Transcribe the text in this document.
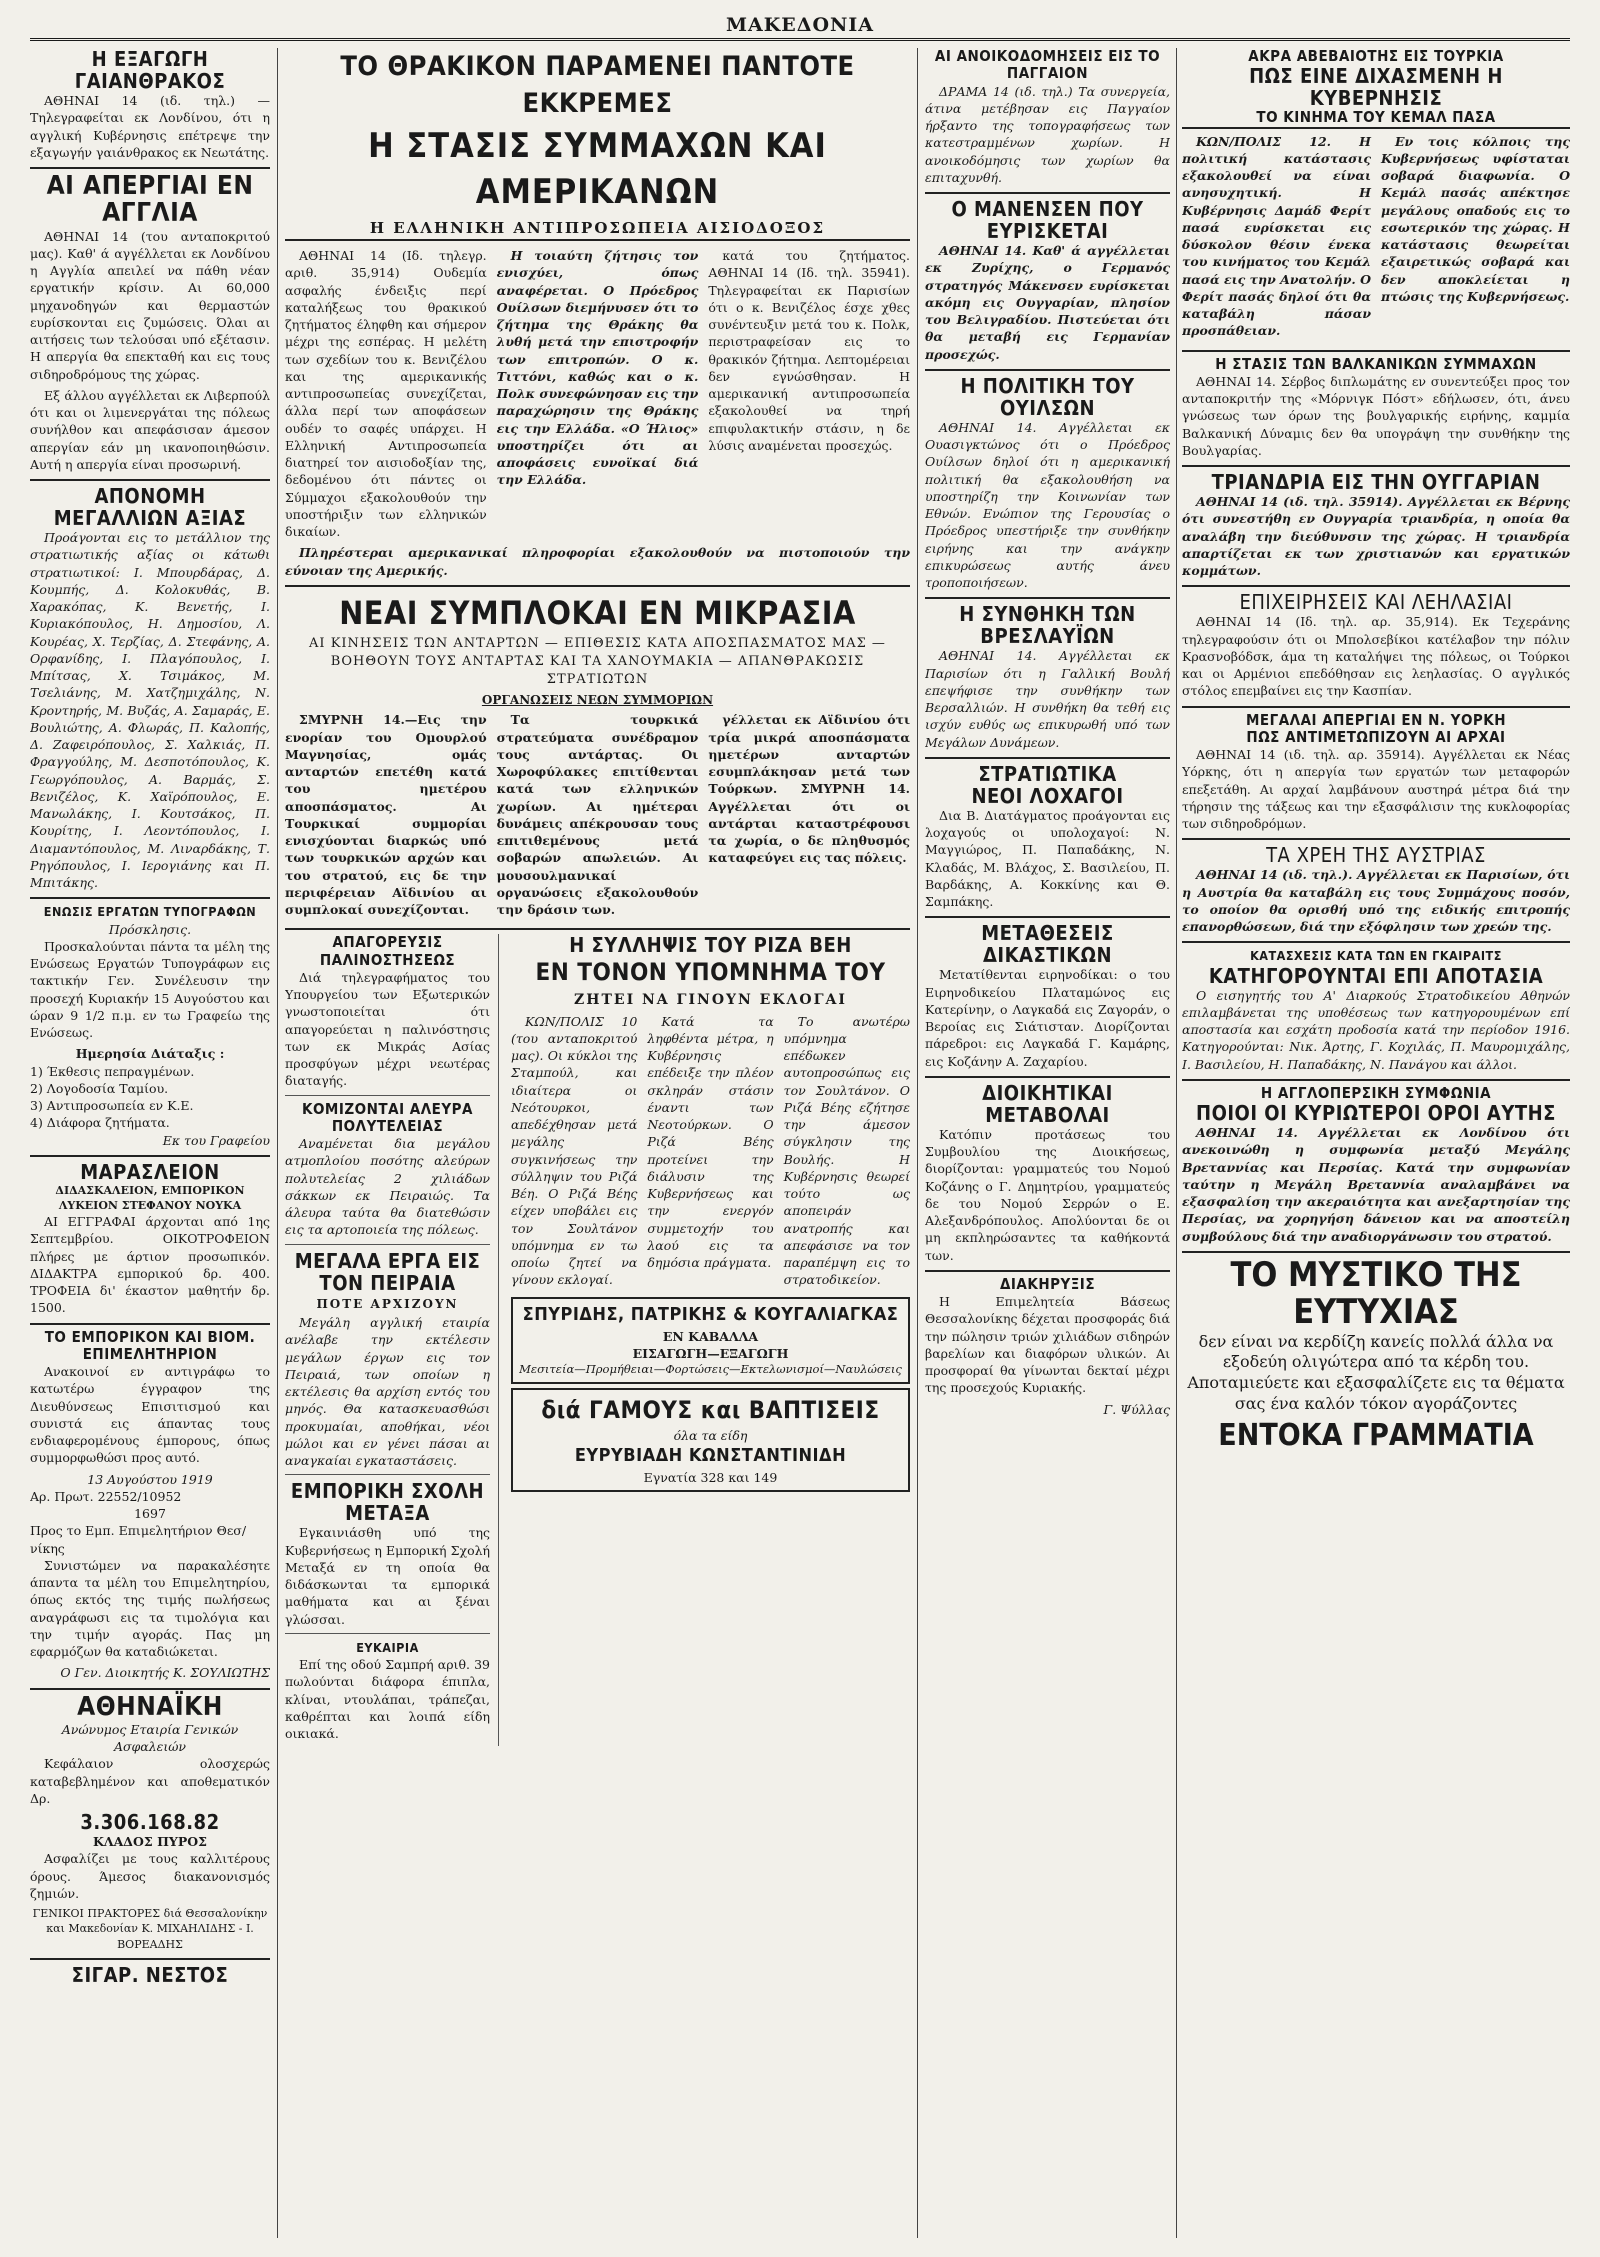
ΜΑΚΕΔΟΝΙΑ
Η ΕΞΑΓΩΓΗ ΓΑΙΑΝΘΡΑΚΟΣ

ΑΘΗΝΑΙ 14 (ιδ. τηλ.) —Τηλεγραφείται εκ Λονδίνου, ότι η αγγλική Κυβέρνησις επέτρεψε την εξαγωγήν γαιάνθρακος εκ Νεωτάτης.

ΑΙ ΑΠΕΡΓΙΑΙ ΕΝ ΑΓΓΛΙΑ

ΑΘΗΝΑΙ 14 (του ανταποκριτού μας). Καθ' ά αγγέλλεται εκ Λονδίνου η Αγγλία απειλεί να πάθη νέαν εργατικήν κρίσιν. Αι 60,000 μηχανοδηγών και θερμαστών ευρίσκονται εις ζυμώσεις. Όλαι αι αιτήσεις των τελούσαι υπό εξέτασιν. Η απεργία θα επεκταθή και εις τους σιδηροδρόμους της χώρας.

Εξ άλλου αγγέλλεται εκ Λιβερπούλ ότι και οι λιμενεργάται της πόλεως συνήλθον και απεφάσισαν άμεσον απεργίαν εάν μη ικανοποιηθώσιν. Αυτή η απεργία είναι προσωρινή.

ΑΠΟΝΟΜΗ ΜΕΓΑΛΛΙΩΝ ΑΞΙΑΣ

Προάγονται εις το μετάλλιον της στρατιωτικής αξίας οι κάτωθι στρατιωτικοί: Ι. Μπουρδάρας, Δ. Κουμπής, Δ. Κολοκυθάς, Β. Χαρακόπας, Κ. Βενετής, Ι. Κυριακόπουλος, Η. Δημοσίου, Λ. Κουρέας, Χ. Τερζίας, Δ. Στεφάνης, Α. Ορφανίδης, Ι. Πλαγόπουλος, Ι. Μπίτσας, Χ. Τσιμάκος, Μ. Τσελιάνης, Μ. Χατζημιχάλης, Ν. Κροντηρής, Μ. Βυζάς, Α. Σαμαράς, Ε. Βουλιώτης, Α. Φλωράς, Π. Καλοπής, Δ. Ζαφειρόπουλος, Σ. Χαλκιάς, Π. Φραγγούλης, Μ. Δεσποτόπουλος, Κ. Γεωργόπουλος, Α. Βαρμάς, Σ. Βενιζέλος, Κ. Χαϊρόπουλος, Ε. Μανωλάκης, Ι. Κουτσάκος, Π. Κουρίτης, Ι. Λεοντόπουλος, Ι. Διαμαντόπουλος, Μ. Λιναρδάκης, Τ. Ρηγόπουλος, Ι. Ιερογιάνης και Π. Μπιτάκης.

ΕΝΩΣΙΣ ΕΡΓΑΤΩΝ ΤΥΠΟΓΡΑΦΩΝ
Πρόσκλησις.

Προσκαλούνται πάντα τα μέλη της Ενώσεως Εργατών Τυπογράφων εις τακτικήν Γεν. Συνέλευσιν την προσεχή Κυριακήν 15 Αυγούστου και ώραν 9 1/2 π.μ. εν τω Γραφείω της Ενώσεως.

Ημερησία Διάταξις :
1) Έκθεσις πεπραγμένων.
2) Λογοδοσία Ταμίου.
3) Αντιπροσωπεία εν Κ.Ε.
4) Διάφορα ζητήματα.
Εκ του Γραφείου
ΜΑΡΑΣΛΕΙΟΝ
ΔΙΔΑΣΚΑΛΕΙΟΝ, ΕΜΠΟΡΙΚΟΝ ΛΥΚΕΙΟΝ ΣΤΕΦΑΝΟΥ ΝΟΥΚΑ

ΑΙ ΕΓΓΡΑΦΑΙ άρχονται από 1ης Σεπτεμβρίου. ΟΙΚΟΤΡΟΦΕΙΟΝ πλήρες με άρτιον προσωπικόν. ΔΙΔΑΚΤΡΑ εμπορικού δρ. 400. ΤΡΟΦΕΙΑ δι' έκαστον μαθητήν δρ. 1500.

ΤΟ ΕΜΠΟΡΙΚΟΝ ΚΑΙ ΒΙΟΜ. ΕΠΙΜΕΛΗΤΗΡΙΟΝ

Ανακοινοί εν αντιγράφω το κατωτέρω έγγραφον της Διευθύνσεως Επισιτισμού και συνιστά εις άπαντας τους ενδιαφερομένους έμπορους, όπως συμμορφωθώσι προς αυτό.

13 Αυγούστου 1919
Αρ. Πρωτ. 22552/10952
1697
Προς το Εμπ. Επιμελητήριον Θεσ/νίκης

Συνιστώμεν να παρακαλέσητε άπαντα τα μέλη του Επιμελητηρίου, όπως εκτός της τιμής πωλήσεως αναγράφωσι εις τα τιμολόγια και την τιμήν αγοράς. Πας μη εφαρμόζων θα καταδιώκεται.

Ο Γεν. Διοικητής Κ. ΣΟΥΛΙΩΤΗΣ
ΑΘΗΝΑΪΚΗ
Ανώνυμος Εταιρία Γενικών Ασφαλειών

Κεφάλαιον ολοσχερώς καταβεβλημένον και αποθεματικόν Δρ.

3.306.168.82
ΚΛΑΔΟΣ ΠΥΡΟΣ

Ασφαλίζει με τους καλλιτέρους όρους. Άμεσος διακανονισμός ζημιών.

ΓΕΝΙΚΟΙ ΠΡΑΚΤΟΡΕΣ διά Θεσσαλονίκην και Μακεδονίαν Κ. ΜΙΧΑΗΛΙΔΗΣ - Ι. ΒΟΡΕΑΔΗΣ
ΣΙΓΑΡ. ΝΕΣΤΟΣ
ΤΟ ΘΡΑΚΙΚΟΝ ΠΑΡΑΜΕΝΕΙ ΠΑΝΤΟΤΕ ΕΚΚΡΕΜΕΣ
Η ΣΤΑΣΙΣ ΣΥΜΜΑΧΩΝ ΚΑΙ ΑΜΕΡΙΚΑΝΩΝ
Η ΕΛΛΗΝΙΚΗ ΑΝΤΙΠΡΟΣΩΠΕΙΑ ΑΙΣΙΟΔΟΞΟΣ

ΑΘΗΝΑΙ 14 (Ιδ. τηλεγρ. αριθ. 35,914) Ουδεμία ασφαλής ένδειξις περί καταλήξεως του θρακικού ζητήματος έληφθη και σήμερον μέχρι της εσπέρας. Η μελέτη των σχεδίων του κ. Βενιζέλου και της αμερικανικής αντιπροσωπείας συνεχίζεται, άλλα περί των αποφάσεων ουδέν το σαφές υπάρχει. Η Ελληνική Αντιπροσωπεία διατηρεί τον αισιοδοξίαν της, δεδομένου ότι πάντες οι Σύμμαχοι εξακολουθούν την υποστήριξιν των ελληνικών δικαίων.

Η τοιαύτη ζήτησις τον ενισχύει, όπως αναφέρεται. Ο Πρόεδρος Ουίλσων διεμήνυσεν ότι το ζήτημα της Θράκης θα λυθή μετά την επιστροφήν των επιτροπών. Ο κ. Τιττόνι, καθώς και ο κ. Πολκ συνεφώνησαν εις την παραχώρησιν της Θράκης εις την Ελλάδα. «Ο Ήλιος» υποστηρίζει ότι αι αποφάσεις ευνοϊκαί διά την Ελλάδα.

κατά του ζητήματος. ΑΘΗΝΑΙ 14 (Ιδ. τηλ. 35941). Τηλεγραφείται εκ Παρισίων ότι ο κ. Βενιζέλος έσχε χθες συνέντευξιν μετά του κ. Πολκ, περιστραφείσαν εις το θρακικόν ζήτημα. Λεπτομέρειαι δεν εγνώσθησαν. Η αμερικανική αντιπροσωπεία εξακολουθεί να τηρή επιφυλακτικήν στάσιν, η δε λύσις αναμένεται προσεχώς.

Πληρέστεραι αμερικανικαί πληροφορίαι εξακολουθούν να πιστοποιούν την εύνοιαν της Αμερικής.

ΝΕΑΙ ΣΥΜΠΛΟΚΑΙ ΕΝ ΜΙΚΡΑΣΙΑ
ΑΙ ΚΙΝΗΣΕΙΣ ΤΩΝ ΑΝΤΑΡΤΩΝ — ΕΠΙΘΕΣΙΣ ΚΑΤΑ ΑΠΟΣΠΑΣΜΑΤΟΣ ΜΑΣ — ΒΟΗΘΟΥΝ ΤΟΥΣ ΑΝΤΑΡΤΑΣ ΚΑΙ ΤΑ ΧΑΝΟΥΜΑΚΙΑ — ΑΠΑΝΘΡΑΚΩΣΙΣ ΣΤΡΑΤΙΩΤΩΝ
ΟΡΓΑΝΩΣΕΙΣ ΝΕΩΝ ΣΥΜΜΟΡΙΩΝ

ΣΜΥΡΝΗ 14.—Εις την ενορίαν του Ομουρλού Μαγνησίας, ομάς ανταρτών επετέθη κατά του ημετέρου αποσπάσματος. Αι Τουρκικαί συμμορίαι ενισχύονται διαρκώς υπό των τουρκικών αρχών και του στρατού, εις δε την περιφέρειαν Αϊδινίου αι συμπλοκαί συνεχίζονται.

Τα τουρκικά στρατεύματα συνέδραμον τους αντάρτας. Οι Χωροφύλακες επιτίθενται κατά των ελληνικών χωρίων. Αι ημέτεραι δυνάμεις απέκρουσαν τους επιτιθεμένους μετά σοβαρών απωλειών. Αι μουσουλμανικαί οργανώσεις εξακολουθούν την δράσιν των.

γέλλεται εκ Αϊδινίου ότι τρία μικρά αποσπάσματα ημετέρων ανταρτών εσυμπλάκησαν μετά των Τούρκων. ΣΜΥΡΝΗ 14. Αγγέλλεται ότι οι αντάρται καταστρέφουσι τα χωρία, ο δε πληθυσμός καταφεύγει εις τας πόλεις.

ΑΠΑΓΟΡΕΥΣΙΣ ΠΑΛΙΝΟΣΤΗΣΕΩΣ

Διά τηλεγραφήματος του Υπουργείου των Εξωτερικών γνωστοποιείται ότι απαγορεύεται η παλινόστησις των εκ Μικράς Ασίας προσφύγων μέχρι νεωτέρας διαταγής.

ΚΟΜΙΖΟΝΤΑΙ ΑΛΕΥΡΑ ΠΟΛΥΤΕΛΕΙΑΣ

Αναμένεται δια μεγάλου ατμοπλοίου ποσότης αλεύρων πολυτελείας 2 χιλιάδων σάκκων εκ Πειραιώς. Τα άλευρα ταύτα θα διατεθώσιν εις τα αρτοποιεία της πόλεως.

ΜΕΓΑΛΑ ΕΡΓΑ ΕΙΣ ΤΟΝ ΠΕΙΡΑΙΑ
ΠΟΤΕ ΑΡΧΙΖΟΥΝ

Μεγάλη αγγλική εταιρία ανέλαβε την εκτέλεσιν μεγάλων έργων εις τον Πειραιά, των οποίων η εκτέλεσις θα αρχίση εντός του μηνός. Θα κατασκευασθώσι προκυμαίαι, αποθήκαι, νέοι μώλοι και εν γένει πάσαι αι αναγκαίαι εγκαταστάσεις.

ΕΜΠΟΡΙΚΗ ΣΧΟΛΗ ΜΕΤΑΞΑ

Εγκαινιάσθη υπό της Κυβερνήσεως η Εμπορική Σχολή Μεταξά εν τη οποία θα διδάσκωνται τα εμπορικά μαθήματα και αι ξέναι γλώσσαι.

ΕΥΚΑΙΡΙΑ

Επί της οδού Σαμπρή αριθ. 39 πωλούνται διάφορα έπιπλα, κλίναι, ντουλάπαι, τράπεζαι, καθρέπται και λοιπά είδη οικιακά.

Η ΣΥΛΛΗΨΙΣ ΤΟΥ ΡΙΖΑ ΒΕΗ
ΕΝ ΤΟΝΟΝ ΥΠΟΜΝΗΜΑ ΤΟΥ
ΖΗΤΕΙ ΝΑ ΓΙΝΟΥΝ ΕΚΛΟΓΑΙ

ΚΩΝ/ΠΟΛΙΣ 10 (του ανταποκριτού μας). Οι κύκλοι της Σταμπούλ, και ιδιαίτερα οι Νεότουρκοι, απεδέχθησαν μετά μεγάλης συγκινήσεως την σύλληψιν του Ριζά Βέη. Ο Ριζά Βέης είχεν υποβάλει εις τον Σουλτάνον υπόμνημα εν τω οποίω ζητεί να γίνουν εκλογαί.

Κατά τα ληφθέντα μέτρα, η Κυβέρνησις επέδειξε την πλέον σκληράν στάσιν έναντι των Νεοτούρκων. Ο Ριζά Βέης προτείνει την διάλυσιν της Κυβερνήσεως και την ενεργόν συμμετοχήν του λαού εις τα δημόσια πράγματα.

Το ανωτέρω υπόμνημα επέδωκεν αυτοπροσώπως εις τον Σουλτάνον. Ο Ριζά Βέης εζήτησε την άμεσον σύγκλησιν της Βουλής. Η Κυβέρνησις θεωρεί τούτο ως αποπειράν ανατροπής και απεφάσισε να τον παραπέμψη εις το στρατοδικείον.

ΣΠΥΡΙΔΗΣ, ΠΑΤΡΙΚΗΣ & ΚΟΥΓΑΛΙΑΓΚΑΣ
ΕΝ ΚΑΒΑΛΛΑ
ΕΙΣΑΓΩΓΗ—ΕΞΑΓΩΓΗ
Μεσιτεία—Προμήθειαι—Φορτώσεις—Εκτελωνισμοί—Ναυλώσεις
διά ΓΑΜΟΥΣ και ΒΑΠΤΙΣΕΙΣ
όλα τα είδη
ΕΥΡΥΒΙΑΔΗ ΚΩΝΣΤΑΝΤΙΝΙΔΗ
Εγνατία 328 και 149
ΑΙ ΑΝΟΙΚΟΔΟΜΗΣΕΙΣ ΕΙΣ ΤΟ ΠΑΓΓΑΙΟΝ

ΔΡΑΜΑ 14 (ιδ. τηλ.) Τα συνεργεία, άτινα μετέβησαν εις Παγγαίον ήρξαντο της τοπογραφήσεως των κατεστραμμένων χωρίων. Η ανοικοδόμησις των χωρίων θα επιταχυνθή.

Ο ΜΑΝΕΝΣΕΝ ΠΟΥ ΕΥΡΙΣΚΕΤΑΙ

ΑΘΗΝΑΙ 14. Καθ' ά αγγέλλεται εκ Ζυρίχης, ο Γερμανός στρατηγός Μάκενσεν ευρίσκεται ακόμη εις Ουγγαρίαν, πλησίον του Βελιγραδίου. Πιστεύεται ότι θα μεταβή εις Γερμανίαν προσεχώς.

Η ΠΟΛΙΤΙΚΗ ΤΟΥ ΟΥΙΛΣΩΝ

ΑΘΗΝΑΙ 14. Αγγέλλεται εκ Ουασιγκτώνος ότι ο Πρόεδρος Ουίλσων δηλοί ότι η αμερικανική πολιτική θα εξακολουθήση να υποστηρίζη την Κοινωνίαν των Εθνών. Ενώπιον της Γερουσίας ο Πρόεδρος υπεστήριξε την συνθήκην ειρήνης και την ανάγκην επικυρώσεως αυτής άνευ τροποποιήσεων.

Η ΣΥΝΘΗΚΗ ΤΩΝ ΒΡΕΣΛΑΥΪΩΝ

ΑΘΗΝΑΙ 14. Αγγέλλεται εκ Παρισίων ότι η Γαλλική Βουλή επεψήφισε την συνθήκην των Βερσαλλιών. Η συνθήκη θα τεθή εις ισχύν ευθύς ως επικυρωθή υπό των Μεγάλων Δυνάμεων.

ΣΤΡΑΤΙΩΤΙΚΑ
ΝΕΟΙ ΛΟΧΑΓΟΙ

Δια Β. Διατάγματος προάγονται εις λοχαγούς οι υπολοχαγοί: Ν. Μαγγιώρος, Π. Παπαδάκης, Ν. Κλαδάς, Μ. Βλάχος, Σ. Βασιλείου, Π. Βαρδάκης, Α. Κοκκίνης και Θ. Σαμπάκης.

ΜΕΤΑΘΕΣΕΙΣ ΔΙΚΑΣΤΙΚΩΝ

Μετατίθενται ειρηνοδίκαι: ο του Ειρηνοδικείου Πλαταμώνος εις Κατερίνην, ο Λαγκαδά εις Ζαγοράν, ο Βεροίας εις Σιάτισταν. Διορίζονται πάρεδροι: εις Λαγκαδά Γ. Καμάρης, εις Κοζάνην Α. Ζαχαρίου.

ΔΙΟΙΚΗΤΙΚΑΙ ΜΕΤΑΒΟΛΑΙ

Κατόπιν προτάσεως του Συμβουλίου της Διοικήσεως, διορίζονται: γραμματεύς του Νομού Κοζάνης ο Γ. Δημητρίου, γραμματεύς δε του Νομού Σερρών ο Ε. Αλεξανδρόπουλος. Απολύονται δε οι μη εκπληρώσαντες τα καθήκοντά των.

ΔΙΑΚΗΡΥΞΙΣ

Η Επιμελητεία Βάσεως Θεσσαλονίκης δέχεται προσφοράς διά την πώλησιν τριών χιλιάδων σιδηρών βαρελίων και διαφόρων υλικών. Αι προσφοραί θα γίνωνται δεκταί μέχρι της προσεχούς Κυριακής.

Γ. Ψύλλας
ΑΚΡΑ ΑΒΕΒΑΙΟΤΗΣ ΕΙΣ ΤΟΥΡΚΙΑ
ΠΩΣ ΕΙΝΕ ΔΙΧΑΣΜΕΝΗ Η ΚΥΒΕΡΝΗΣΙΣ
ΤΟ ΚΙΝΗΜΑ ΤΟΥ ΚΕΜΑΛ ΠΑΣΑ

ΚΩΝ/ΠΟΛΙΣ 12. Η πολιτική κατάστασις εξακολουθεί να είναι ανησυχητική. Η Κυβέρνησις Δαμάδ Φερίτ πασά ευρίσκεται εις δύσκολον θέσιν ένεκα του κινήματος του Κεμάλ πασά εις την Ανατολήν. Ο Φερίτ πασάς δηλοί ότι θα καταβάλη πάσαν προσπάθειαν.

Εν τοις κόλποις της Κυβερνήσεως υφίσταται σοβαρά διαφωνία. Ο Κεμάλ πασάς απέκτησε μεγάλους οπαδούς εις το εσωτερικόν της χώρας. Η κατάστασις θεωρείται εξαιρετικώς σοβαρά και δεν αποκλείεται η πτώσις της Κυβερνήσεως.

Η ΣΤΑΣΙΣ ΤΩΝ ΒΑΛΚΑΝΙΚΩΝ ΣΥΜΜΑΧΩΝ

ΑΘΗΝΑΙ 14. Σέρβος διπλωμάτης εν συνεντεύξει προς τον ανταποκριτήν της «Μόρνιγκ Πόστ» εδήλωσεν, ότι, άνευ γνώσεως των όρων της βουλγαρικής ειρήνης, καμμία Βαλκανική Δύναμις δεν θα υπογράψη την συνθήκην της Βουλγαρίας.

ΤΡΙΑΝΔΡΙΑ ΕΙΣ ΤΗΝ ΟΥΓΓΑΡΙΑΝ

ΑΘΗΝΑΙ 14 (ιδ. τηλ. 35914). Αγγέλλεται εκ Βέρνης ότι συνεστήθη εν Ουγγαρία τριανδρία, η οποία θα αναλάβη την διεύθυνσιν της χώρας. Η τριανδρία απαρτίζεται εκ των χριστιανών και εργατικών κομμάτων.

ΕΠΙΧΕΙΡΗΣΕΙΣ ΚΑΙ ΛΕΗΛΑΣΙΑΙ

ΑΘΗΝΑΙ 14 (Ιδ. τηλ. αρ. 35,914). Εκ Τεχεράνης τηλεγραφούσιν ότι οι Μπολσεβίκοι κατέλαβον την πόλιν Κρασνοβόδσκ, άμα τη καταλήψει της πόλεως, οι Τούρκοι και οι Αρμένιοι επεδόθησαν εις λεηλασίας. Ο αγγλικός στόλος επεμβαίνει εις την Κασπίαν.

ΜΕΓΑΛΑΙ ΑΠΕΡΓΙΑΙ ΕΝ Ν. ΥΟΡΚΗ
ΠΩΣ ΑΝΤΙΜΕΤΩΠΙΖΟΥΝ ΑΙ ΑΡΧΑΙ

ΑΘΗΝΑΙ 14 (ιδ. τηλ. αρ. 35914). Αγγέλλεται εκ Νέας Υόρκης, ότι η απεργία των εργατών των μεταφορών επεξετάθη. Αι αρχαί λαμβάνουν αυστηρά μέτρα διά την τήρησιν της τάξεως και την εξασφάλισιν της κυκλοφορίας των σιδηροδρόμων.

ΤΑ ΧΡΕΗ ΤΗΣ ΑΥΣΤΡΙΑΣ

ΑΘΗΝΑΙ 14 (ιδ. τηλ.). Αγγέλλεται εκ Παρισίων, ότι η Αυστρία θα καταβάλη εις τους Συμμάχους ποσόν, το οποίον θα ορισθή υπό της ειδικής επιτροπής επανορθώσεων, διά την εξόφλησιν των χρεών της.

ΚΑΤΑΣΧΕΣΙΣ ΚΑΤΑ ΤΩΝ ΕΝ ΓΚΑΙΡΑΙΤΣ
ΚΑΤΗΓΟΡΟΥΝΤΑΙ ΕΠΙ ΑΠΟΤΑΣΙΑ

Ο εισηγητής του Α' Διαρκούς Στρατοδικείου Αθηνών επιλαμβάνεται της υποθέσεως των κατηγορουμένων επί αποστασία και εσχάτη προδοσία κατά την περίοδον 1916. Κατηγορούνται: Νικ. Άρτης, Γ. Κοχιλάς, Π. Μαυρομιχάλης, Ι. Βασιλείου, Η. Παπαδάκης, Ν. Πανάγου και άλλοι.

Η ΑΓΓΛΟΠΕΡΣΙΚΗ ΣΥΜΦΩΝΙΑ
ΠΟΙΟΙ ΟΙ ΚΥΡΙΩΤΕΡΟΙ ΟΡΟΙ ΑΥΤΗΣ

ΑΘΗΝΑΙ 14. Αγγέλλεται εκ Λονδίνου ότι ανεκοινώθη η συμφωνία μεταξύ Μεγάλης Βρεταννίας και Περσίας. Κατά την συμφωνίαν ταύτην η Μεγάλη Βρεταννία αναλαμβάνει να εξασφαλίση την ακεραιότητα και ανεξαρτησίαν της Περσίας, να χορηγήση δάνειον και να αποστείλη συμβούλους διά την αναδιοργάνωσιν του στρατού.

ΤΟ ΜΥΣΤΙΚΟ ΤΗΣ ΕΥΤΥΧΙΑΣ

δεν είναι να κερδίζη κανείς πολλά άλλα να εξοδεύη ολιγώτερα από τα κέρδη του. Αποταμιεύετε και εξασφαλίζετε εις τα θέματα σας ένα καλόν τόκον αγοράζοντες

ΕΝΤΟΚΑ ΓΡΑΜΜΑΤΙΑ
